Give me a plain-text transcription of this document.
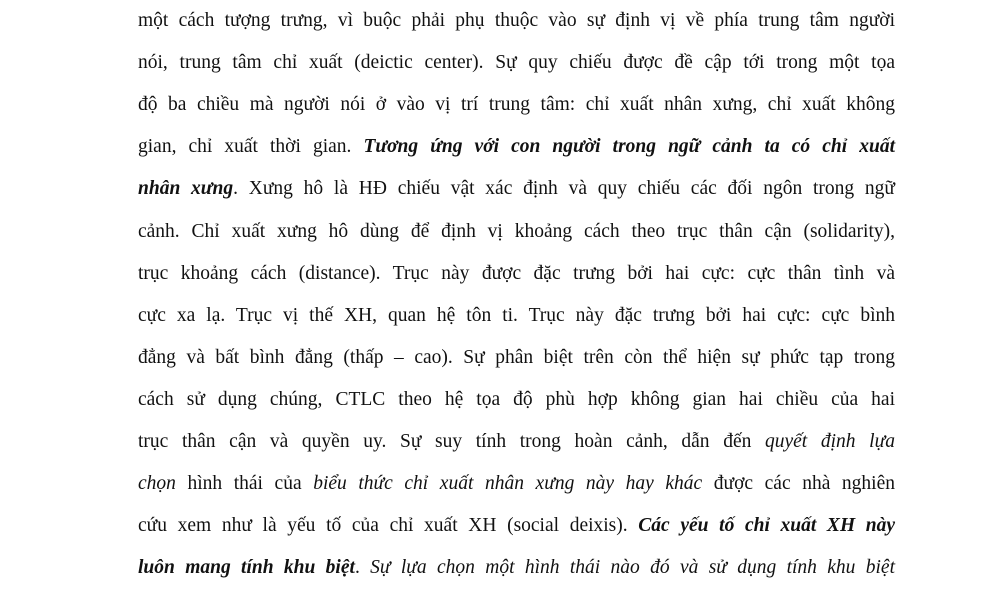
một cách tượng trưng, vì buộc phải phụ thuộc vào sự định vị về phía trung tâm người
nói, trung tâm chỉ xuất (deictic center). Sự quy chiếu được đề cập tới trong một tọa
độ ba chiều mà người nói ở vào vị trí trung tâm: chỉ xuất nhân xưng, chỉ xuất không
gian, chỉ xuất thời gian. Tương ứng với con người trong ngữ cảnh ta có chỉ xuất
nhân xưng. Xưng hô là HĐ chiếu vật xác định và quy chiếu các đối ngôn trong ngữ
cảnh. Chỉ xuất xưng hô dùng để định vị khoảng cách theo trục thân cận (solidarity),
trục khoảng cách (distance). Trục này được đặc trưng bởi hai cực: cực thân tình và
cực xa lạ. Trục vị thế XH, quan hệ tôn ti. Trục này đặc trưng bởi hai cực: cực bình
đẳng và bất bình đẳng (thấp – cao). Sự phân biệt trên còn thể hiện sự phức tạp trong
cách sử dụng chúng, CTLC theo hệ tọa độ phù hợp không gian hai chiều của hai
trục thân cận và quyền uy. Sự suy tính trong hoàn cảnh, dẫn đến quyết định lựa
chọn hình thái của biểu thức chỉ xuất nhân xưng này hay khác được các nhà nghiên
cứu xem như là yếu tố của chỉ xuất XH (social deixis). Các yếu tố chỉ xuất XH này
luôn mang tính khu biệt. Sự lựa chọn một hình thái nào đó và sử dụng tính khu biệt
